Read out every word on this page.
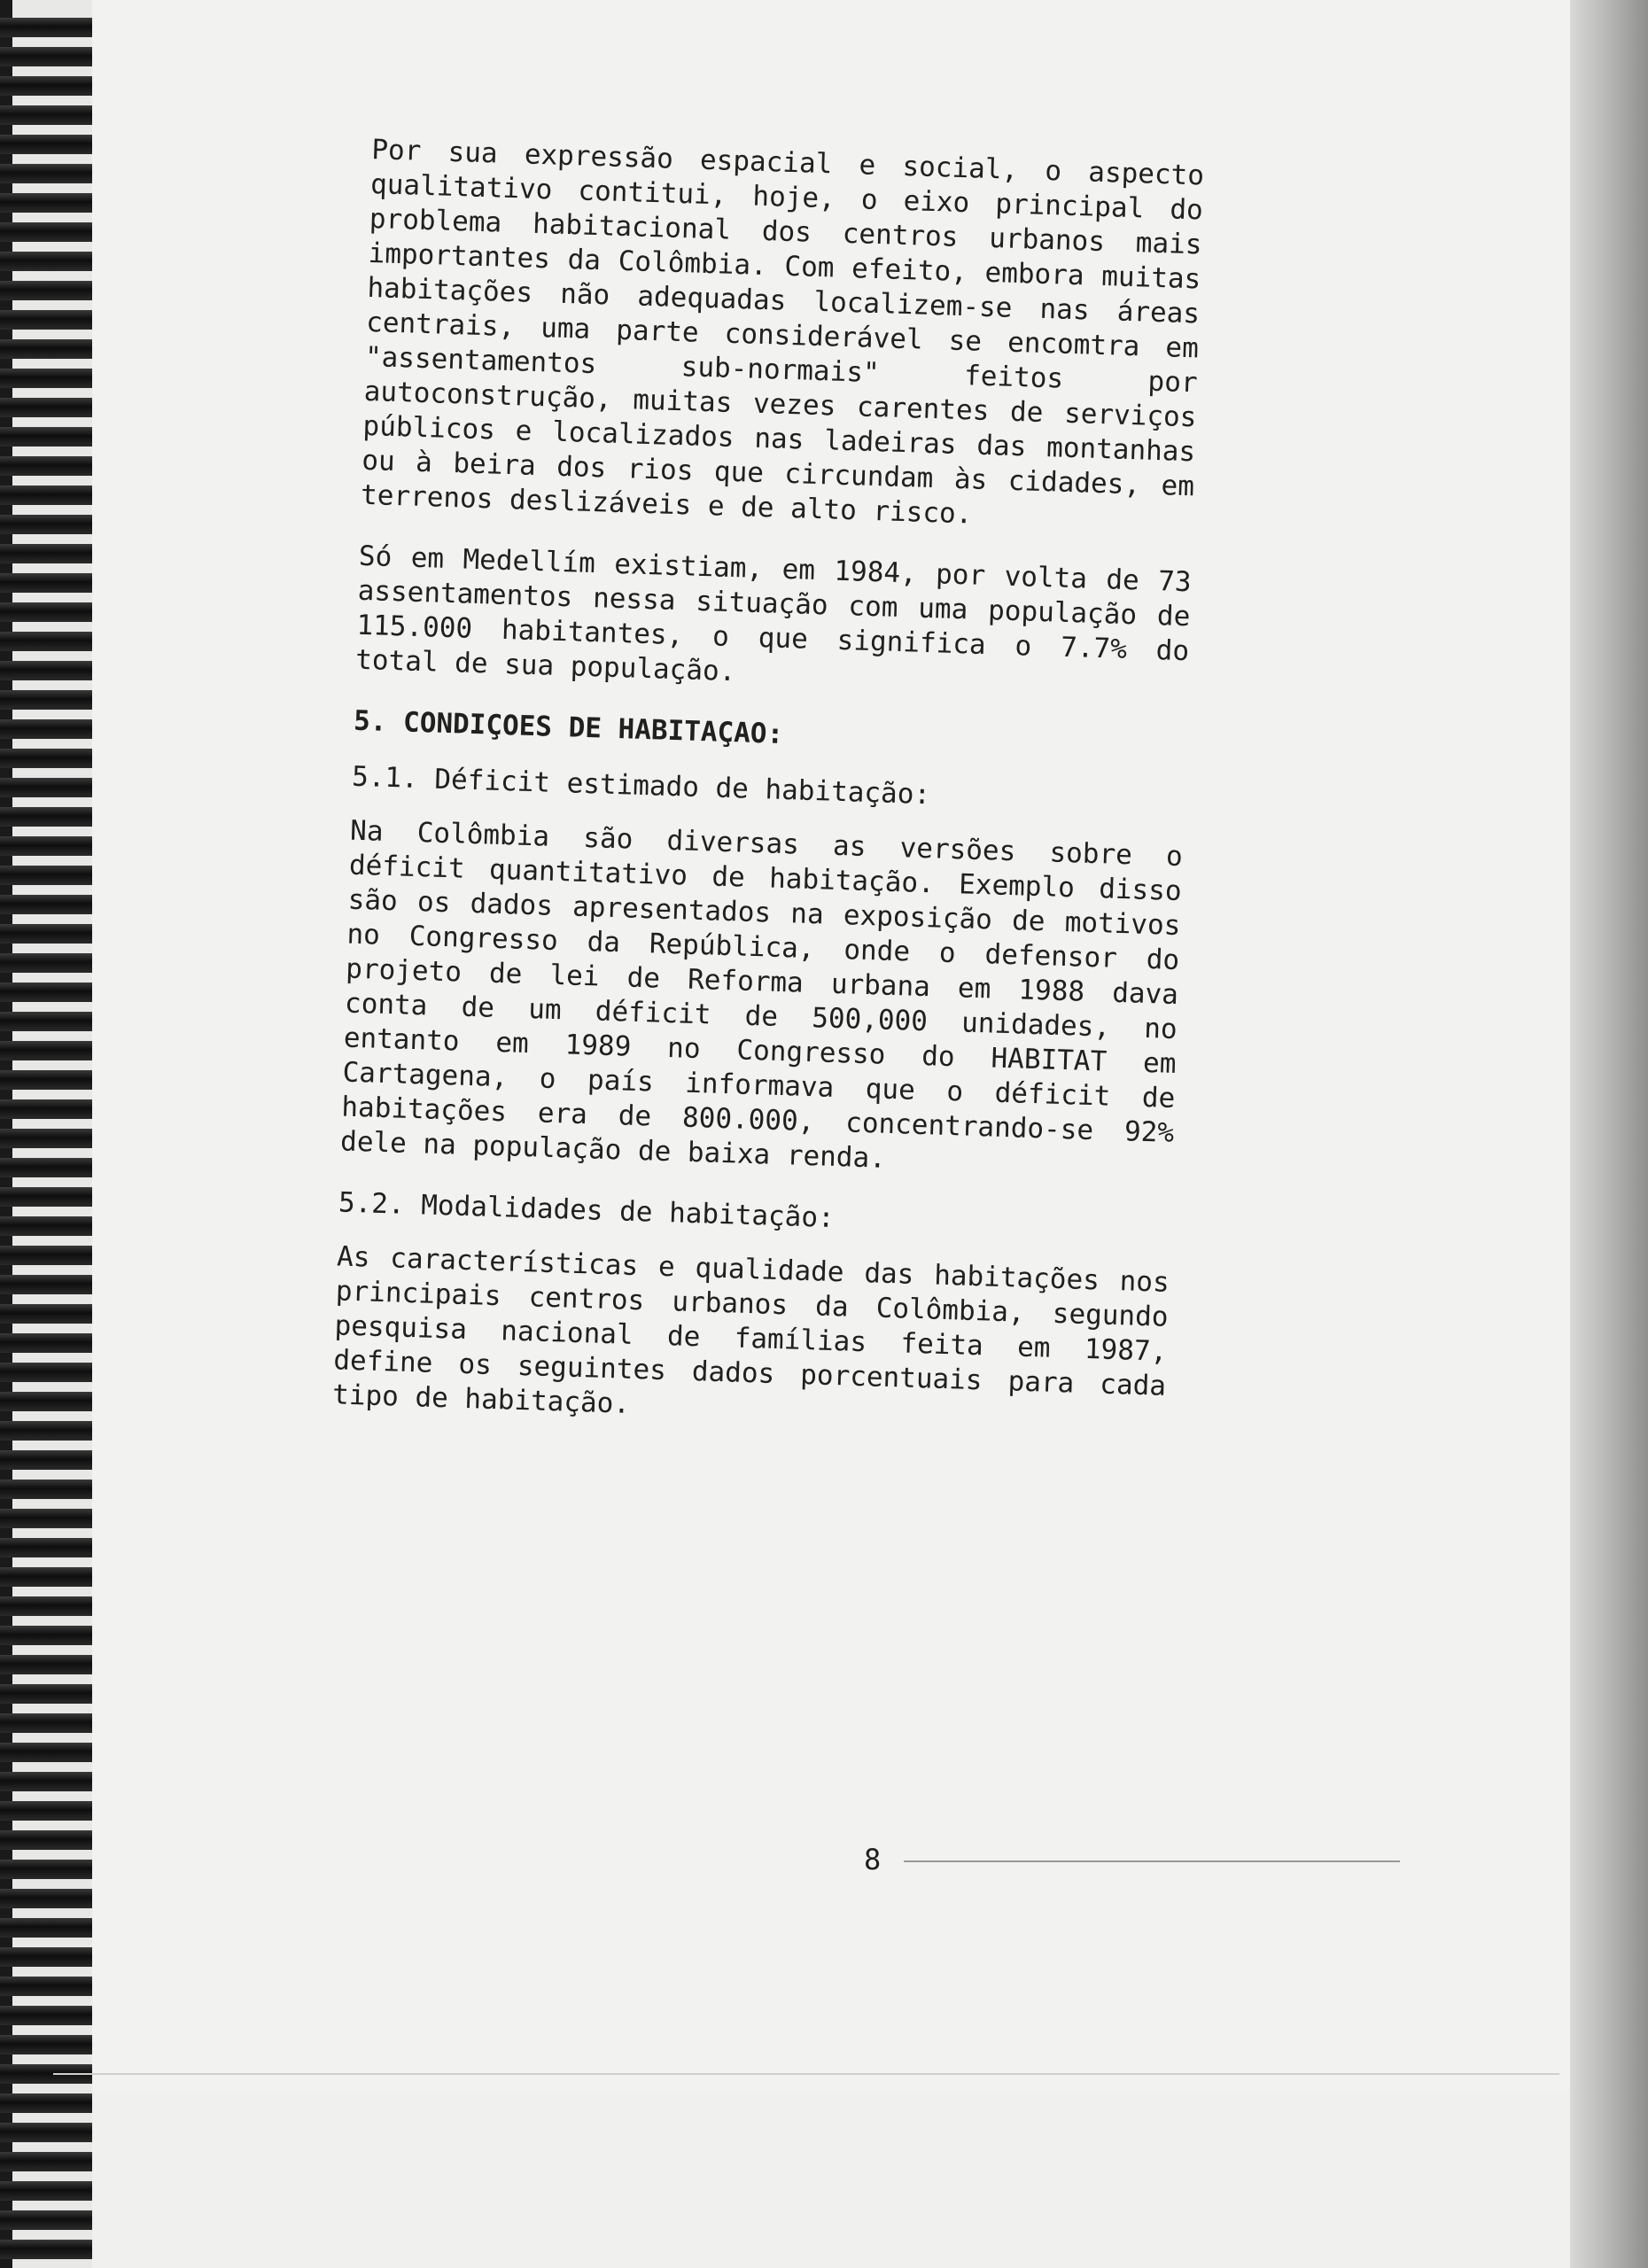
Por sua expressão espacial e social, o aspecto qualitativo contitui, hoje, o eixo principal do problema habitacional dos centros urbanos mais importantes da Colômbia. Com efeito, embora muitas habitações não adequadas localizem-se nas áreas centrais, uma parte considerável se encomtra em "assentamentos sub-normais" feitos por autoconstrução, muitas vezes carentes de serviços públicos e localizados nas ladeiras das montanhas ou à beira dos rios que circundam às cidades, em terrenos deslizáveis e de alto risco.

Só em Medellím existiam, em 1984, por volta de 73 assentamentos nessa situação com uma população de 115.000 habitantes, o que significa o 7.7% do total de sua população.

5. CONDIÇOES DE HABITAÇAO:
5.1. Déficit estimado de habitação:

Na Colômbia são diversas as versões sobre o déficit quantitativo de habitação. Exemplo disso são os dados apresentados na exposição de motivos no Congresso da República, onde o defensor do projeto de lei de Reforma urbana em 1988 dava conta de um déficit de 500,000 unidades, no entanto em 1989 no Congresso do HABITAT em Cartagena, o país informava que o déficit de habitações era de 800.000, concentrando-se 92% dele na população de baixa renda.

5.2. Modalidades de habitação:

As características e qualidade das habitações nos principais centros urbanos da Colômbia, segundo pesquisa nacional de famílias feita em 1987, define os seguintes dados porcentuais para cada tipo de habitação.

8
